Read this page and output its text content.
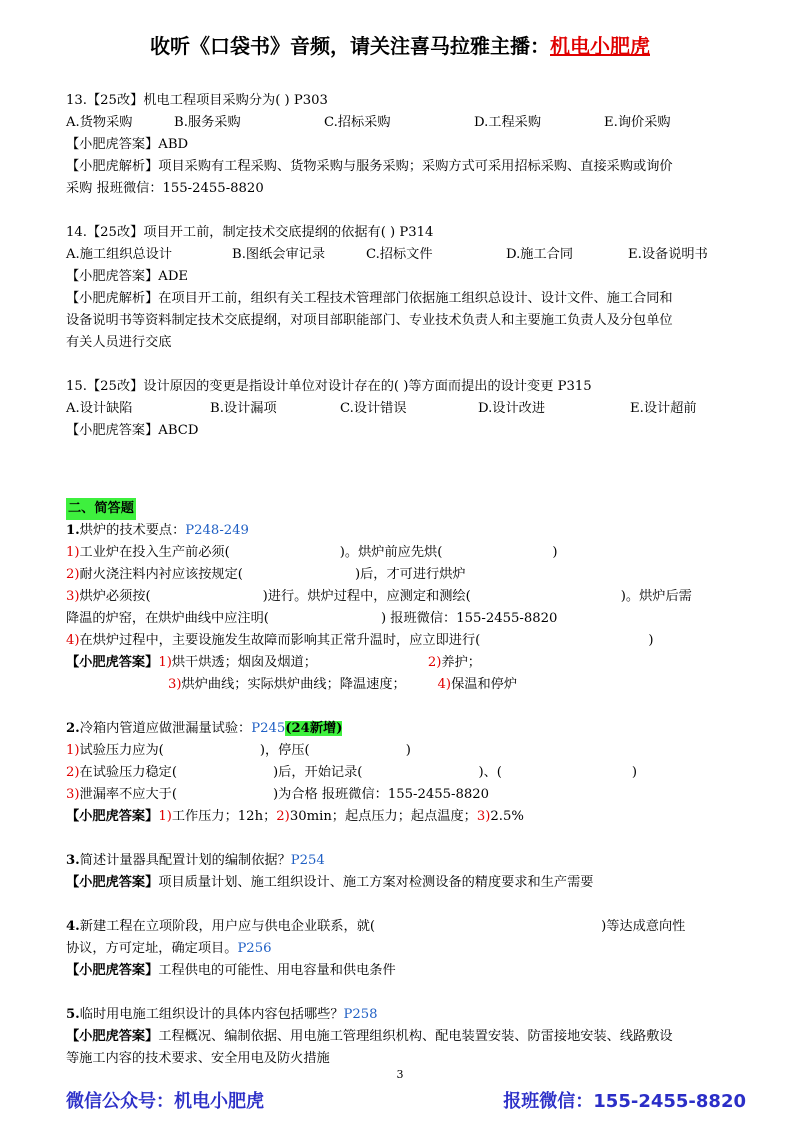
收听《口袋书》音频，请关注喜马拉雅主播：机电小肥虎
13.【25改】机电工程项目采购分为( ) P303
A.货物采购	B.服务采购	C.招标采购	D.工程采购	E.询价采购
【小肥虎答案】ABD
【小肥虎解析】项目采购有工程采购、货物采购与服务采购；采购方式可采用招标采购、直接采购或询价
采购 报班微信：155-2455-8820
14.【25改】项目开工前，制定技术交底提纲的依据有( ) P314
A.施工组织总设计	B.图纸会审记录	C.招标文件	D.施工合同	E.设备说明书
【小肥虎答案】ADE
【小肥虎解析】在项目开工前，组织有关工程技术管理部门依据施工组织总设计、设计文件、施工合同和
设备说明书等资料制定技术交底提纲，对项目部职能部门、专业技术负责人和主要施工负责人及分包单位
有关人员进行交底
15.【25改】设计原因的变更是指设计单位对设计存在的( )等方面而提出的设计变更 P315
A.设计缺陷	B.设计漏项	C.设计错误	D.设计改进	E.设计超前
【小肥虎答案】ABCD
二、简答题
1.烘炉的技术要点：P248-249
1)工业炉在投入生产前必须(	)。烘炉前应先烘(	)
2)耐火浇注料内衬应该按规定(	)后，才可进行烘炉
3)烘炉必须按(	)进行。烘炉过程中，应测定和测绘(	)。烘炉后需
降温的炉窑，在烘炉曲线中应注明(	) 报班微信：155-2455-8820
4)在烘炉过程中，主要设施发生故障而影响其正常升温时，应立即进行(	)
【小肥虎答案】1)烘干烘透；烟囱及烟道；	2)养护；
3)烘炉曲线；实际烘炉曲线；降温速度； 4)保温和停炉
2.冷箱内管道应做泄漏量试验：P245(24新增)
1)试验压力应为(	)，停压(	)
2)在试验压力稳定(	)后，开始记录(	)、(	)
3)泄漏率不应大于(	)为合格 报班微信：155-2455-8820
【小肥虎答案】1)工作压力；12h；2)30min；起点压力；起点温度；3)2.5%
3.简述计量器具配置计划的编制依据？P254
【小肥虎答案】项目质量计划、施工组织设计、施工方案对检测设备的精度要求和生产需要
4.新建工程在立项阶段，用户应与供电企业联系，就(	)等达成意向性
协议，方可定址，确定项目。P256
【小肥虎答案】工程供电的可能性、用电容量和供电条件
5.临时用电施工组织设计的具体内容包括哪些？P258
【小肥虎答案】工程概况、编制依据、用电施工管理组织机构、配电装置安装、防雷接地安装、线路敷设
等施工内容的技术要求、安全用电及防火措施
3
微信公众号：机电小肥虎	报班微信：155-2455-8820
